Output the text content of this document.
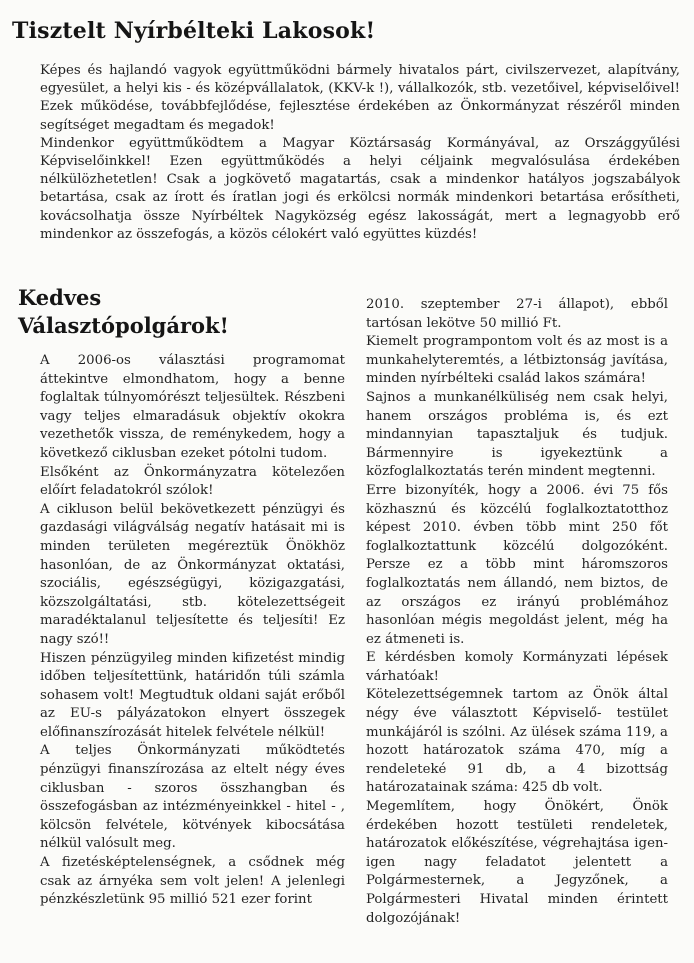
Tisztelt Nyírbélteki Lakosok!

Képes és hajlandó vagyok együttműködni bármely hivatalos párt, civilszervezet, alapítvány, egyesület, a helyi kis - és középvállalatok, (KKV-k !), vállalkozók, stb. vezetőivel, képviselőivel! Ezek működése, továbbfejlődése, fejlesztése érdekében az Önkormányzat részéről minden segítséget megadtam és megadok!

Mindenkor együttműködtem a Magyar Köztársaság Kormányával, az Országgyűlési Képviselőinkkel! Ezen együttműködés a helyi céljaink megvalósulása érdekében nélkülözhetetlen! Csak a jogkövető magatartás, csak a mindenkor hatályos jogszabályok betartása, csak az írott és íratlan jogi és erkölcsi normák mindenkori betartása erősítheti, kovácsolhatja össze Nyírbéltek Nagyközség egész lakosságát, mert a legnagyobb erő mindenkor az összefogás, a közös célokért való együttes küzdés!

Kedves
Választópolgárok!

A 2006-os választási programomat áttekintve elmondhatom, hogy a benne foglaltak túlnyomórészt teljesültek. Részbeni vagy teljes elmaradásuk objektív okokra vezethetők vissza, de reménykedem, hogy a következő ciklusban ezeket pótolni tudom.

Elsőként az Önkormányzatra kötelezően előírt feladatokról szólok!

A cikluson belül bekövetkezett pénzügyi és gazdasági világválság negatív hatásait mi is minden területen megéreztük Önökhöz hasonlóan, de az Önkormányzat oktatási, szociális, egészségügyi, közigazgatási, közszolgáltatási, stb. kötelezettségeit maradéktalanul teljesítette és teljesíti! Ez nagy szó!!

Hiszen pénzügyileg minden kifizetést mindig időben teljesítettünk, határidőn túli számla sohasem volt! Megtudtuk oldani saját erőből az EU-s pályázatokon elnyert összegek előfinanszírozását hitelek felvétele nélkül!

A teljes Önkormányzati működtetés pénzügyi finanszírozása az eltelt négy éves ciklusban - szoros összhangban és összefogásban az intézményeinkkel - hitel - , kölcsön felvétele, kötvények kibocsátása nélkül valósult meg.

A fizetésképtelenségnek, a csődnek még csak az árnyéka sem volt jelen! A jelenlegi pénzkészletünk 95 millió 521 ezer forint

2010. szeptember 27-i állapot), ebből tartósan lekötve 50 millió Ft.

Kiemelt programpontom volt és az most is a munkahelyteremtés, a létbiztonság javítása, minden nyírbélteki család lakos számára!

Sajnos a munkanélküliség nem csak helyi, hanem országos probléma is, és ezt mindannyian tapasztaljuk és tudjuk. Bármennyire is igyekeztünk a közfoglalkoztatás terén mindent megtenni.

Erre bizonyíték, hogy a 2006. évi 75 fős közhasznú és közcélú foglalkoztatotthoz képest 2010. évben több mint 250 főt foglalkoztattunk közcélú dolgozóként. Persze ez a több mint háromszoros foglalkoztatás nem állandó, nem biztos, de az országos ez irányú problémához hasonlóan mégis megoldást jelent, még ha ez átmeneti is.

E kérdésben komoly Kormányzati lépések várhatóak!

Kötelezettségemnek tartom az Önök által négy éve választott Képviselő- testület munkájáról is szólni. Az ülések száma 119, a hozott határozatok száma 470, míg a rendeleteké 91 db, a 4 bizottság határozatainak száma: 425 db volt.

Megemlítem, hogy Önökért, Önök érdekében hozott testületi rendeletek, határozatok előkészítése, végrehajtása igen-igen nagy feladatot jelentett a Polgármesternek, a Jegyzőnek, a Polgármesteri Hivatal minden érintett dolgozójának!
